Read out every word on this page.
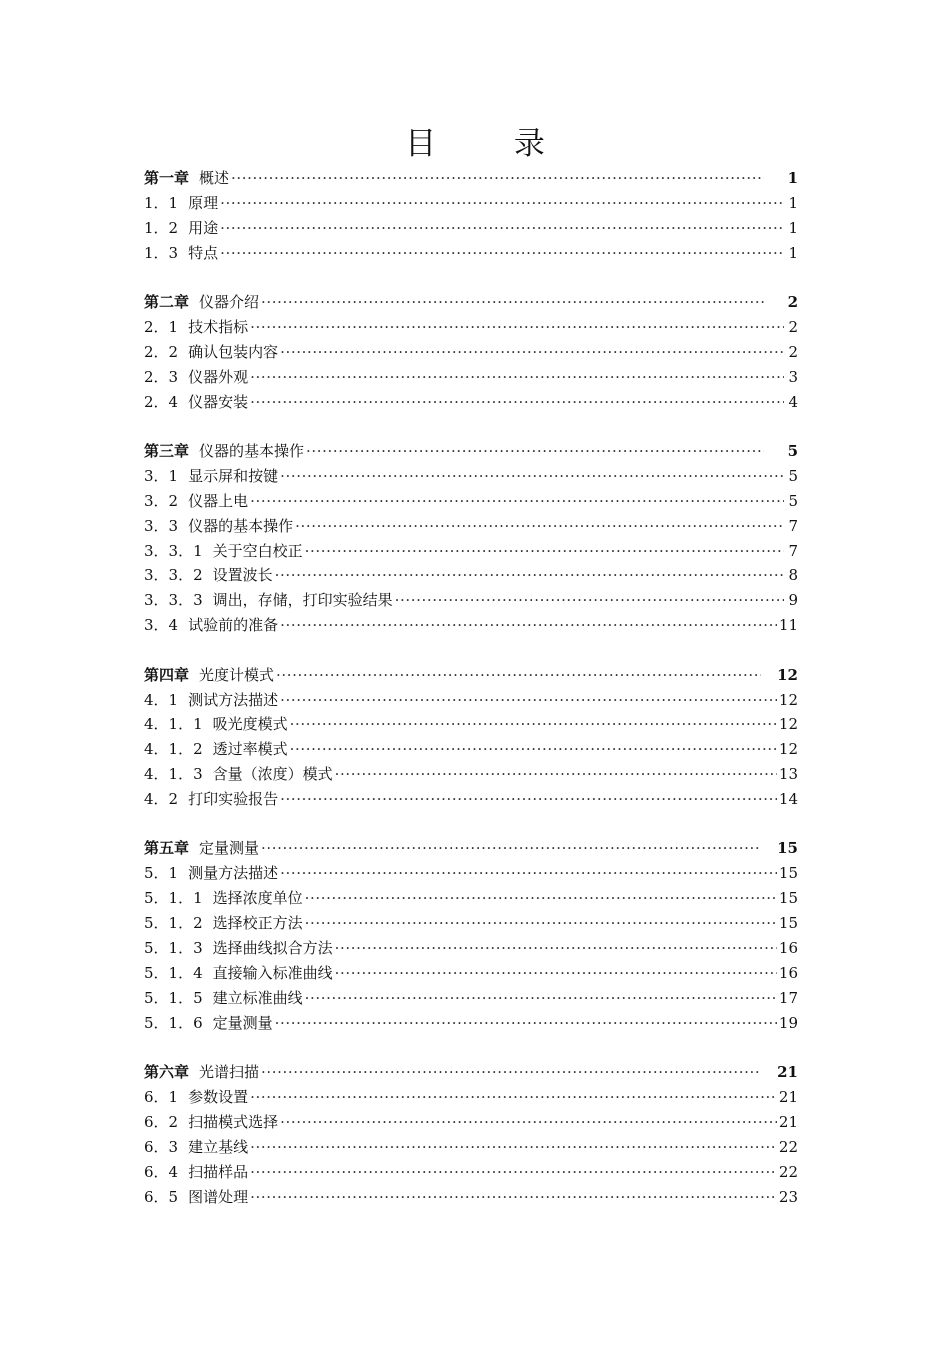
目 录
第一章 概述 ·····	1
1．1 原理 ·····	1
1．2 用途 ·····	1
1．3 特点 ·····	1
第二章 仪器介绍 ·····	2
2．1 技术指标 ·····	2
2．2 确认包装内容 ·····	2
2．3 仪器外观 ·····	3
2．4 仪器安装 ·····	4
第三章 仪器的基本操作 ·····	5
3．1 显示屏和按键 ·····	5
3．2 仪器上电 ·····	5
3．3 仪器的基本操作 ·····	7
3．3．1 关于空白校正 ·····	7
3．3．2 设置波长 ·····	8
3．3．3 调出，存储，打印实验结果 ·····	9
3．4 试验前的准备 ·····	11
第四章 光度计模式 ·····	12
4．1 测试方法描述 ·····	12
4．1．1 吸光度模式 ·····	12
4．1．2 透过率模式 ·····	12
4．1．3 含量（浓度）模式 ·····	13
4．2 打印实验报告 ·····	14
第五章 定量测量 ·····	15
5．1 测量方法描述 ·····	15
5．1．1 选择浓度单位 ·····	15
5．1．2 选择校正方法 ·····	15
5．1．3 选择曲线拟合方法 ·····	16
5．1．4 直接输入标准曲线 ·····	16
5．1．5 建立标准曲线 ·····	17
5．1．6 定量测量 ·····	19
第六章 光谱扫描 ·····	21
6．1 参数设置 ·····	21
6．2 扫描模式选择 ·····	21
6．3 建立基线 ·····	22
6．4 扫描样品 ·····	22
6．5 图谱处理 ·····	23
